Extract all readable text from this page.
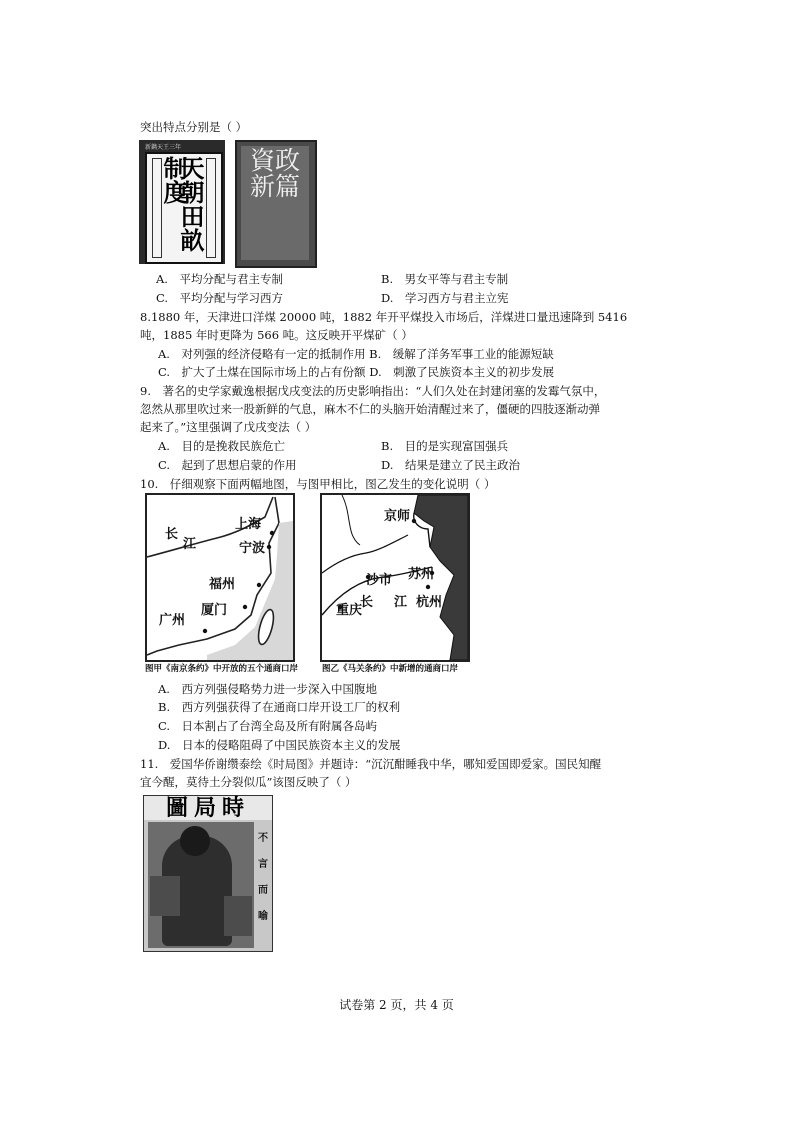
突出特点分别是（ ）
新鐫天王三年
天朝田畝制度	資政新篇
A.　平均分配与君主专制	B.　男女平等与君主专制
C.　平均分配与学习西方	D.　学习西方与君主立宪
8.1880 年，天津进口洋煤 20000 吨，1882 年开平煤投入市场后，洋煤进口量迅速降到 5416
吨，1885 年时更降为 566 吨。这反映开平煤矿（ ）
A.　对列强的经济侵略有一定的抵制作用 B.　缓解了洋务军事工业的能源短缺
C.　扩大了土煤在国际市场上的占有份额 D.　刺激了民族资本主义的初步发展
9.　著名的史学家戴逸根据戊戌变法的历史影响指出：“人们久处在封建闭塞的发霉气氛中，
忽然从那里吹过来一股新鲜的气息，麻木不仁的头脑开始清醒过来了，僵硬的四肢逐渐动弹
起来了。”这里强调了戊戌变法（ ）
A.　目的是挽救民族危亡	B.　目的是实现富国强兵
C.　起到了思想启蒙的作用	D.　结果是建立了民主政治
10.　仔细观察下面两幅地图，与图甲相比，图乙发生的变化说明（ ）
上海
长
江	宁波
福州
厦门
广州
京师
苏州
沙市
长 江 杭州
重庆
图甲《南京条约》中开放的五个通商口岸	图乙《马关条约》中新增的通商口岸
A.　西方列强侵略势力进一步深入中国腹地
B.　西方列强获得了在通商口岸开设工厂的权利
C.　日本割占了台湾全岛及所有附属各岛屿
D.　日本的侵略阻碍了中国民族资本主义的发展
11.　爱国华侨谢缵泰绘《时局图》并题诗：“沉沉酣睡我中华，哪知爱国即爱家。国民知醒
宜今醒，莫待土分裂似瓜”该图反映了（ ）
圖局時
不
言
而
喻
试卷第 2 页，共 4 页
